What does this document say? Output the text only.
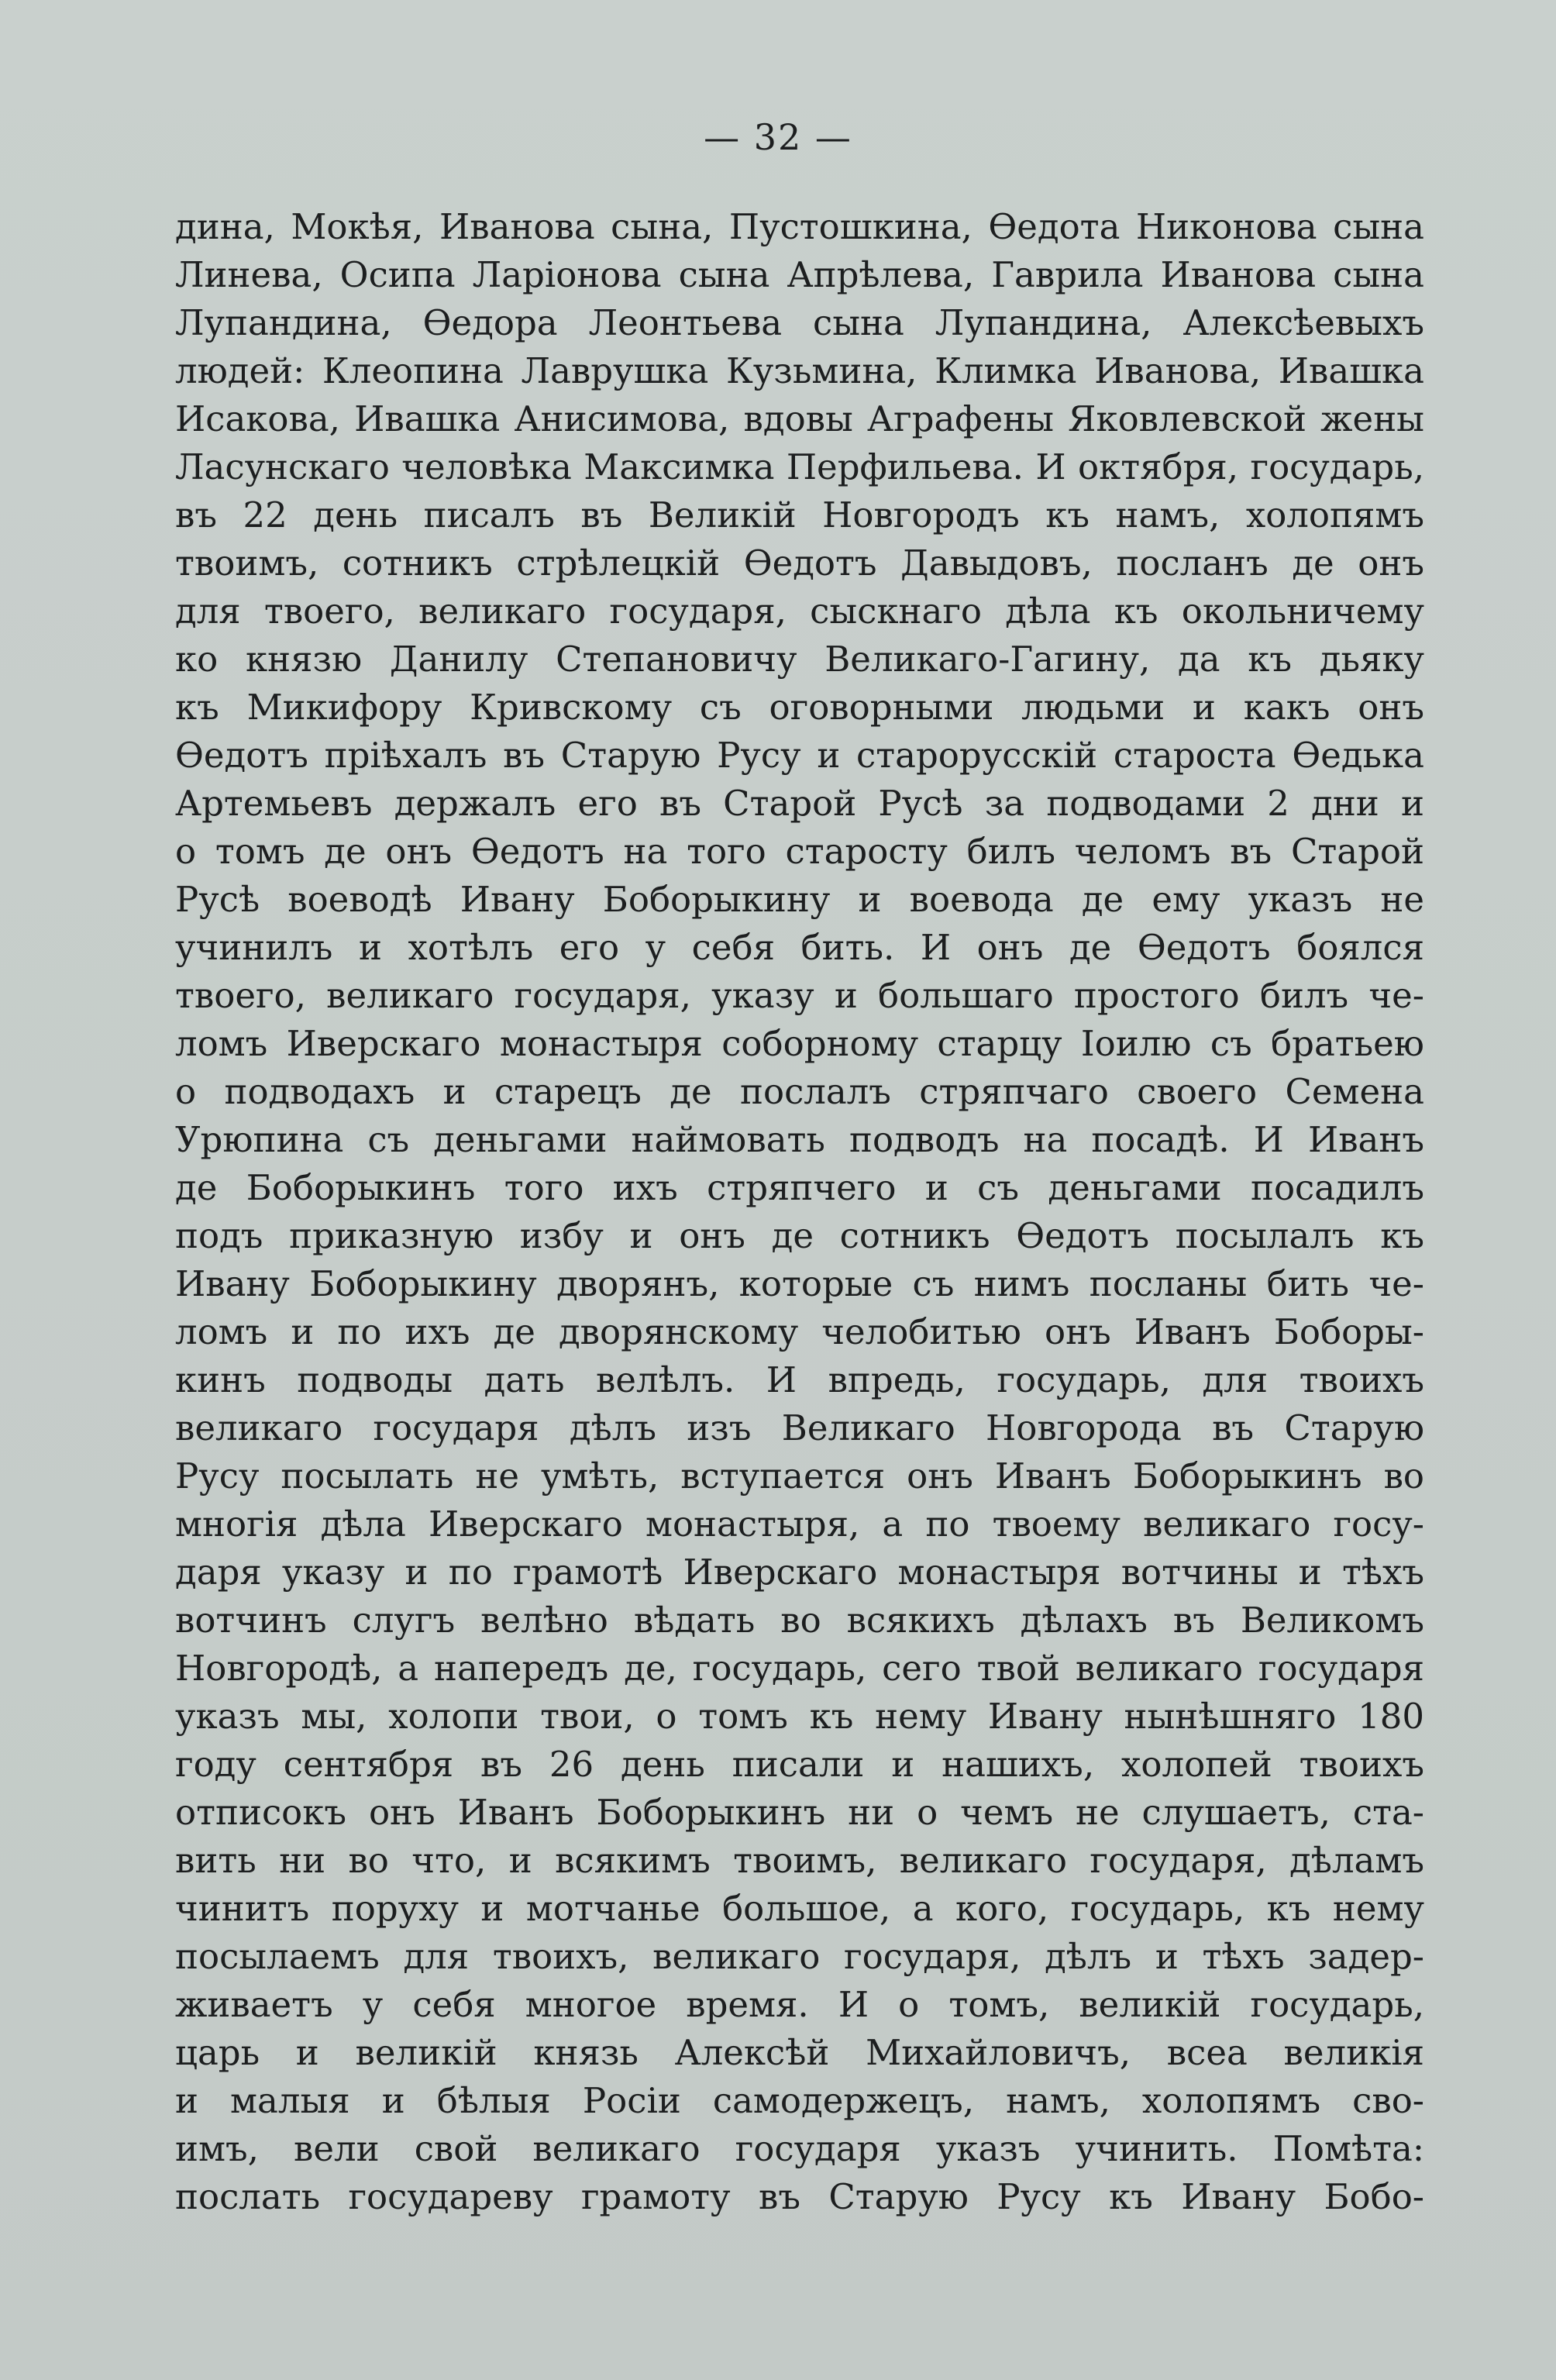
— 32 —
дина, Мокѣя, Иванова сына, Пустошкина, Ѳедота Никонова сына
Линева, Осипа Ларіонова сына Апрѣлева, Гаврила Иванова сына
Лупандина, Ѳедора Леонтьева сына Лупандина, Алексѣевыхъ
людей: Клеопина Лаврушка Кузьмина, Климка Иванова, Ивашка
Исакова, Ивашка Анисимова, вдовы Аграфены Яковлевской жены
Ласунскаго человѣка Максимка Перфильева. И октября, государь,
въ 22 день писалъ въ Великій Новгородъ къ намъ, холопямъ
твоимъ, сотникъ стрѣлецкій Ѳедотъ Давыдовъ, посланъ де онъ
для твоего, великаго государя, сыскнаго дѣла къ окольничему
ко князю Данилу Степановичу Великаго-Гагину, да къ дьяку
къ Микифору Кривскому съ оговорными людьми и какъ онъ
Ѳедотъ пріѣхалъ въ Старую Русу и старорусскій староста Ѳедька
Артемьевъ держалъ его въ Старой Русѣ за подводами 2 дни и
о томъ де онъ Ѳедотъ на того старосту билъ челомъ въ Старой
Русѣ воеводѣ Ивану Боборыкину и воевода де ему указъ не
учинилъ и хотѣлъ его у себя бить. И онъ де Ѳедотъ боялся
твоего, великаго государя, указу и большаго простого билъ че-
ломъ Иверскаго монастыря соборному старцу Іоилю съ братьею
о подводахъ и старецъ де послалъ стряпчаго своего Семена
Урюпина съ деньгами наймовать подводъ на посадѣ. И Иванъ
де Боборыкинъ того ихъ стряпчего и съ деньгами посадилъ
подъ приказную избу и онъ де сотникъ Ѳедотъ посылалъ къ
Ивану Боборыкину дворянъ, которые съ нимъ посланы бить че-
ломъ и по ихъ де дворянскому челобитью онъ Иванъ Боборы-
кинъ подводы дать велѣлъ. И впредь, государь, для твоихъ
великаго государя дѣлъ изъ Великаго Новгорода въ Старую
Русу посылать не умѣть, вступается онъ Иванъ Боборыкинъ во
многія дѣла Иверскаго монастыря, а по твоему великаго госу-
даря указу и по грамотѣ Иверскаго монастыря вотчины и тѣхъ
вотчинъ слугъ велѣно вѣдать во всякихъ дѣлахъ въ Великомъ
Новгородѣ, а напередъ де, государь, сего твой великаго государя
указъ мы, холопи твои, о томъ къ нему Ивану нынѣшняго 180
году сентября въ 26 день писали и нашихъ, холопей твоихъ
отписокъ онъ Иванъ Боборыкинъ ни о чемъ не слушаетъ, ста-
вить ни во что, и всякимъ твоимъ, великаго государя, дѣламъ
чинитъ поруху и мотчанье большое, а кого, государь, къ нему
посылаемъ для твоихъ, великаго государя, дѣлъ и тѣхъ задер-
живаетъ у себя многое время. И о томъ, великій государь,
царь и великій князь Алексѣй Михайловичъ, всеа великія
и малыя и бѣлыя Росіи самодержецъ, намъ, холопямъ сво-
имъ, вели свой великаго государя указъ учинить. Помѣта:
послать государеву грамоту въ Старую Русу къ Ивану Бобо-
